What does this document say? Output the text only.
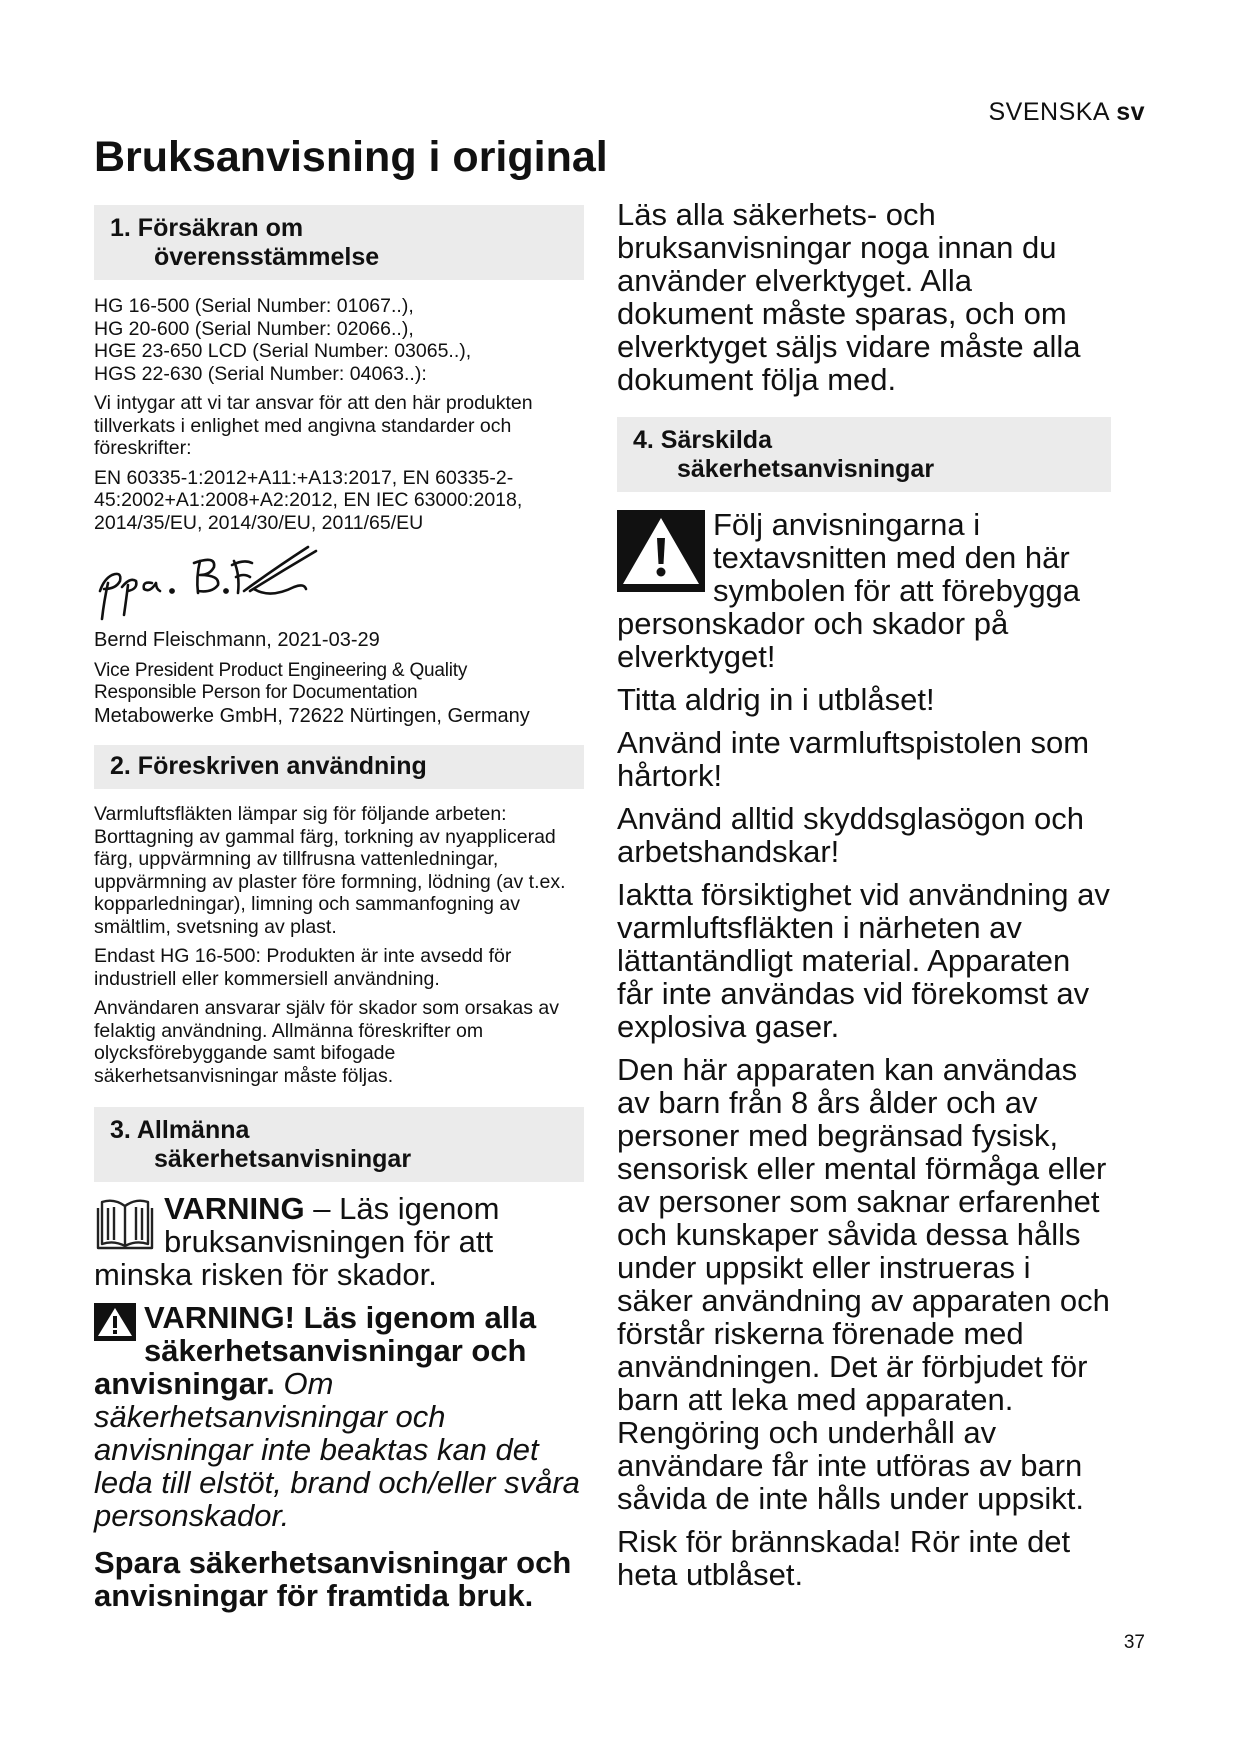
SVENSKA sv
Bruksanvisning i original
1. Försäkran om
överensstämmelse

HG 16-500 (Serial Number: 01067..),

HG 20-600 (Serial Number: 02066..),

HGE 23-650 LCD (Serial Number: 03065..),

HGS 22-630 (Serial Number: 04063..):

Vi intygar att vi tar ansvar för att den här produkten tillverkats i enlighet med angivna standarder och föreskrifter:

EN 60335-1:2012+A11:+A13:2017, EN 60335-2-45:2002+A1:2008+A2:2012, EN IEC 63000:2018, 2014/35/EU, 2014/30/EU, 2011/65/EU

Bernd Fleischmann, 2021-03-29

Vice President Product Engineering & Quality

Responsible Person for Documentation

Metabowerke GmbH, 72622 Nürtingen, Germany

2. Föreskriven användning

Varmluftsfläkten lämpar sig för följande arbeten: Borttagning av gammal färg, torkning av nyapplicerad färg, uppvärmning av tillfrusna vattenledningar, uppvärmning av plaster före formning, lödning (av t.ex. kopparledningar), limning och sammanfogning av smältlim, svetsning av plast.

Endast HG 16-500: Produkten är inte avsedd för industriell eller kommersiell användning.

Användaren ansvarar själv för skador som orsakas av felaktig användning. Allmänna föreskrifter om olycksförebyggande samt bifogade säkerhetsanvisningar måste följas.

3. Allmänna
säkerhetsanvisningar

VARNING – Läs igenom bruksanvisningen för att minska risken för skador.

VARNING! Läs igenom alla säkerhetsanvisningar och anvisningar. Om säkerhetsanvisningar och anvisningar inte beaktas kan det leda till elstöt, brand och/eller svåra personskador.

Spara säkerhetsanvisningar och anvisningar för framtida bruk.

Läs alla säkerhets- och bruksanvisningar noga innan du använder elverktyget. Alla dokument måste sparas, och om elverktyget säljs vidare måste alla dokument följa med.

4. Särskilda
säkerhetsanvisningar

Följ anvisningarna i textavsnitten med den här symbolen för att förebygga personskador och skador på elverktyget!

Titta aldrig in i utblåset!

Använd inte varmluftspistolen som hårtork!

Använd alltid skyddsglasögon och arbetshandskar!

Iaktta försiktighet vid användning av varmluftsfläkten i närheten av lättantändligt material. Apparaten får inte användas vid förekomst av explosiva gaser.

Den här apparaten kan användas av barn från 8 års ålder och av personer med begränsad fysisk, sensorisk eller mental förmåga eller av personer som saknar erfarenhet och kunskaper såvida dessa hålls under uppsikt eller instrueras i säker användning av apparaten och förstår riskerna förenade med användningen. Det är förbjudet för barn att leka med apparaten. Rengöring och underhåll av användare får inte utföras av barn såvida de inte hålls under uppsikt.

Risk för brännskada! Rör inte det heta utblåset.

37
